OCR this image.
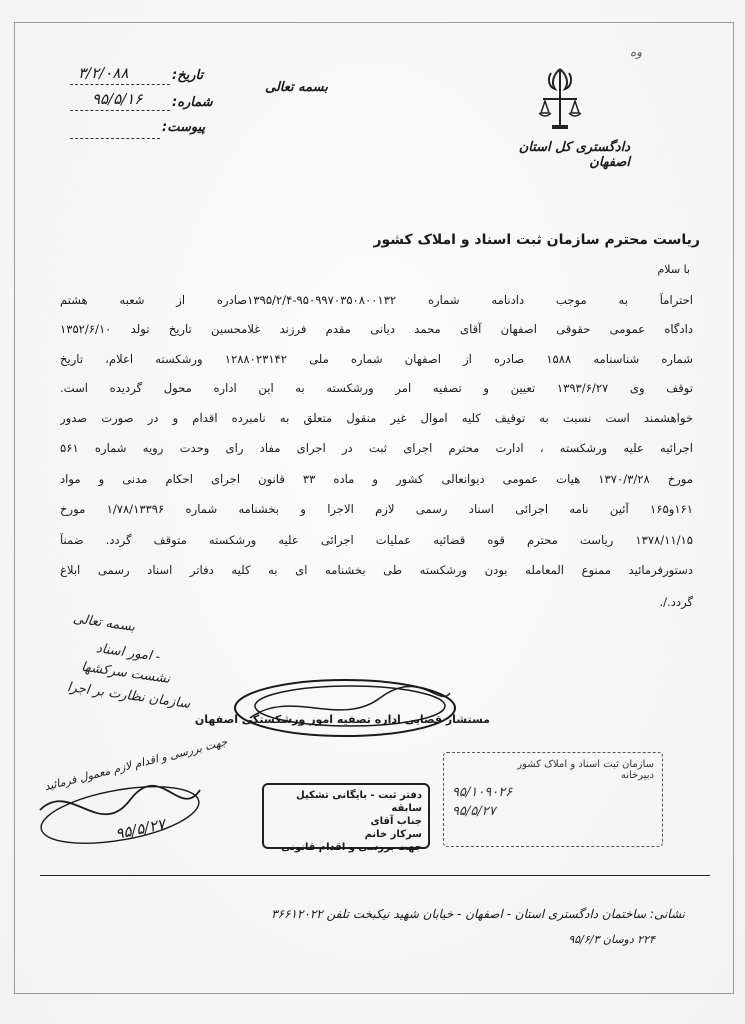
وه
تاریخ:
۳/۲/۰۸۸
شماره:
۹۵/۵/۱۶
پیوست:
بسمه تعالی
دادگستری کل استان اصفهان
ریاست محترم سازمان ثبت اسناد و املاک کشور
با سلام
احتراماً به موجب دادنامه شماره ۹۵۰۹۹۷۰۳۵۰۸۰۰۱۳۲-۱۳۹۵/۲/۴صادره از شعبه هشتم
دادگاه عمومی حقوقی اصفهان آقای محمد دیانی مقدم فرزند غلامحسین تاریخ تولد ۱۳۵۲/۶/۱۰
شماره شناسنامه ۱۵۸۸ صادره از اصفهان شماره ملی ۱۲۸۸۰۲۳۱۴۲ ورشکسته اعلام، تاریخ
توقف وی ۱۳۹۳/۶/۲۷ تعیین و تصفیه امر ورشکسته به این اداره محول گردیده است.
خواهشمند است نسبت به توقیف کلیه اموال غیر منقول متعلق به نامبرده اقدام و در صورت صدور
اجرائیه علیه ورشکسته ، ادارت محترم اجرای ثبت در اجرای مفاد رای وحدت رویه شماره ۵۶۱
مورخ ۱۳۷۰/۳/۲۸ هیات عمومی دیوانعالی کشور و ماده ۳۳ قانون اجرای احکام مدنی و مواد
۱۶۱و۱۶۵ آئین نامه اجرائی اسناد رسمی لازم الاجرا و بخشنامه شماره ۱/۷۸/۱۳۳۹۶ مورخ
۱۳۷۸/۱۱/۱۵ ریاست محترم قوه قضائیه عملیات اجرائی علیه ورشکسته متوقف گردد. ضمناً
دستورفرمائید ممنوع المعامله بودن ورشکسته طی بخشنامه ای به کلیه دفاتر اسناد رسمی ابلاغ
گردد./.
مستشار قضایی اداره تصفیه امور ورشکستگی اصفهان
بسمه تعالی
- امور اسناد
نشست سرکشها
سازمان نظارت بر اجرا
جهت بررسی و اقدام لازم معمول فرمائید
۹۵/۵/۲۷
دفتر ثبت - بایگانی تشکیل سابقه
جناب آقای
سرکار خانم
جهت بررسی و اقدام قانونی
سازمان ثبت اسناد و املاک کشور
دبیرخانه
۹۵/۱۰۹۰۲۶
۹۵/۵/۲۷
نشانی: ساختمان دادگستری استان - اصفهان - خیابان شهید نیکبخت تلفن ۳۶۶۱۲۰۲۲
۲۲۴ دوسان ۹۵/۶/۳
